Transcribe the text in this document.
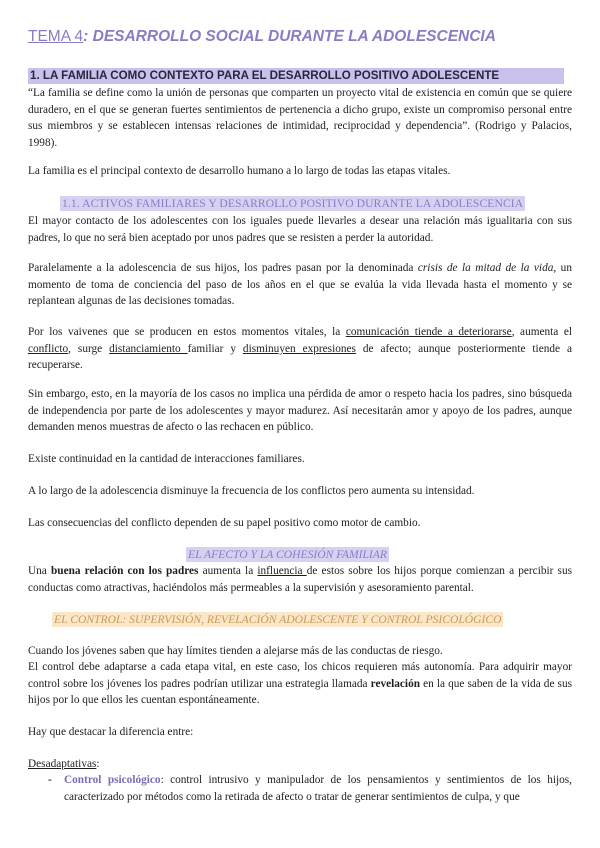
TEMA 4: DESARROLLO SOCIAL DURANTE LA ADOLESCENCIA
1. LA FAMILIA COMO CONTEXTO PARA EL DESARROLLO POSITIVO ADOLESCENTE
“La familia se define como la unión de personas que comparten un proyecto vital de existencia en común que se quiere duradero, en el que se generan fuertes sentimientos de pertenencia a dicho grupo, existe un compromiso personal entre sus miembros y se establecen intensas relaciones de intimidad, reciprocidad y dependencia”. (Rodrigo y Palacios, 1998).
La familia es el principal contexto de desarrollo humano a lo largo de todas las etapas vitales.
1.1. ACTIVOS FAMILIARES Y DESARROLLO POSITIVO DURANTE LA ADOLESCENCIA
El mayor contacto de los adolescentes con los iguales puede llevarles a desear una relación más igualitaria con sus padres, lo que no será bien aceptado por unos padres que se resisten a perder la autoridad.
Paralelamente a la adolescencia de sus hijos, los padres pasan por la denominada crisis de la mitad de la vida, un momento de toma de conciencia del paso de los años en el que se evalúa la vida llevada hasta el momento y se replantean algunas de las decisiones tomadas.
Por los vaivenes que se producen en estos momentos vitales, la comunicación tiende a deteriorarse, aumenta el conflicto, surge distanciamiento familiar y disminuyen expresiones de afecto; aunque posteriormente tiende a recuperarse.
Sin embargo, esto, en la mayoría de los casos no implica una pérdida de amor o respeto hacia los padres, sino búsqueda de independencia por parte de los adolescentes y mayor madurez. Así necesitarán amor y apoyo de los padres, aunque demanden menos muestras de afecto o las rechacen en público.
Existe continuidad en la cantidad de interacciones familiares.
A lo largo de la adolescencia disminuye la frecuencia de los conflictos pero aumenta su intensidad.
Las consecuencias del conflicto dependen de su papel positivo como motor de cambio.
EL AFECTO Y LA COHESIÓN FAMILIAR
Una buena relación con los padres aumenta la influencia de estos sobre los hijos porque comienzan a percibir sus conductas como atractivas, haciéndolos más permeables a la supervisión y asesoramiento parental.
EL CONTROL: SUPERVISIÓN, REVELACIÓN ADOLESCENTE Y CONTROL PSICOLÓGICO
Cuando los jóvenes saben que hay límites tienden a alejarse más de las conductas de riesgo.
El control debe adaptarse a cada etapa vital, en este caso, los chicos requieren más autonomía. Para adquirir mayor control sobre los jóvenes los padres podrían utilizar una estrategia llamada revelación en la que saben de la vida de sus hijos por lo que ellos les cuentan espontáneamente.
Hay que destacar la diferencia entre:
Desadaptativas:
- Control psicológico: control intrusivo y manipulador de los pensamientos y sentimientos de los hijos, caracterizado por métodos como la retirada de afecto o tratar de generar sentimientos de culpa, y que
